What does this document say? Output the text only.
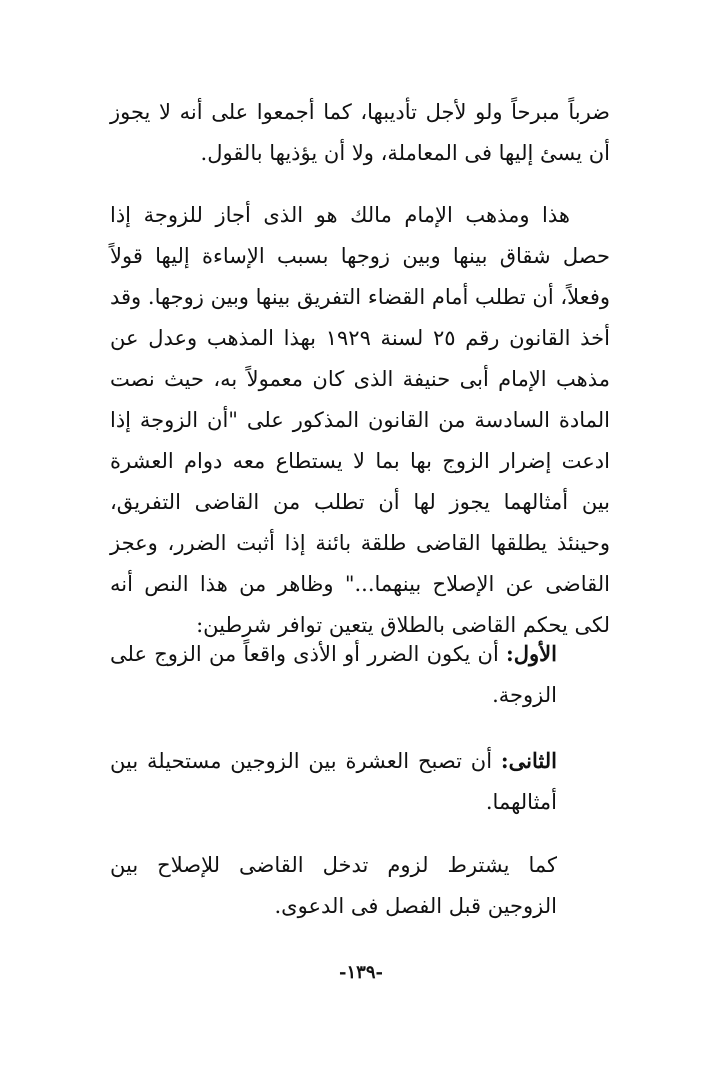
ضرباً مبرحاً ولو لأجل تأديبها، كما أجمعوا على أنه لا يجوز أن يسئ إليها فى المعاملة، ولا أن يؤذيها بالقول.

هذا ومذهب الإمام مالك هو الذى أجاز للزوجة إذا حصل شقاق بينها وبين زوجها بسبب الإساءة إليها قولاً وفعلاً، أن تطلب أمام القضاء التفريق بينها وبين زوجها. وقد أخذ القانون رقم ٢٥ لسنة ١٩٢٩ بهذا المذهب وعدل عن مذهب الإمام أبى حنيفة الذى كان معمولاً به، حيث نصت المادة السادسة من القانون المذكور على "أن الزوجة إذا ادعت إضرار الزوج بها بما لا يستطاع معه دوام العشرة بين أمثالهما يجوز لها أن تطلب من القاضى التفريق، وحينئذ يطلقها القاضى طلقة بائنة إذا أثبت الضرر، وعجز القاضى عن الإصلاح بينهما..." وظاهر من هذا النص أنه لكى يحكم القاضى بالطلاق يتعين توافر شرطين:

الأول: أن يكون الضرر أو الأذى واقعاً من الزوج على الزوجة.

الثانى: أن تصبح العشرة بين الزوجين مستحيلة بين أمثالهما.

كما يشترط لزوم تدخل القاضى للإصلاح بين الزوجين قبل الفصل فى الدعوى.

-١٣٩-
